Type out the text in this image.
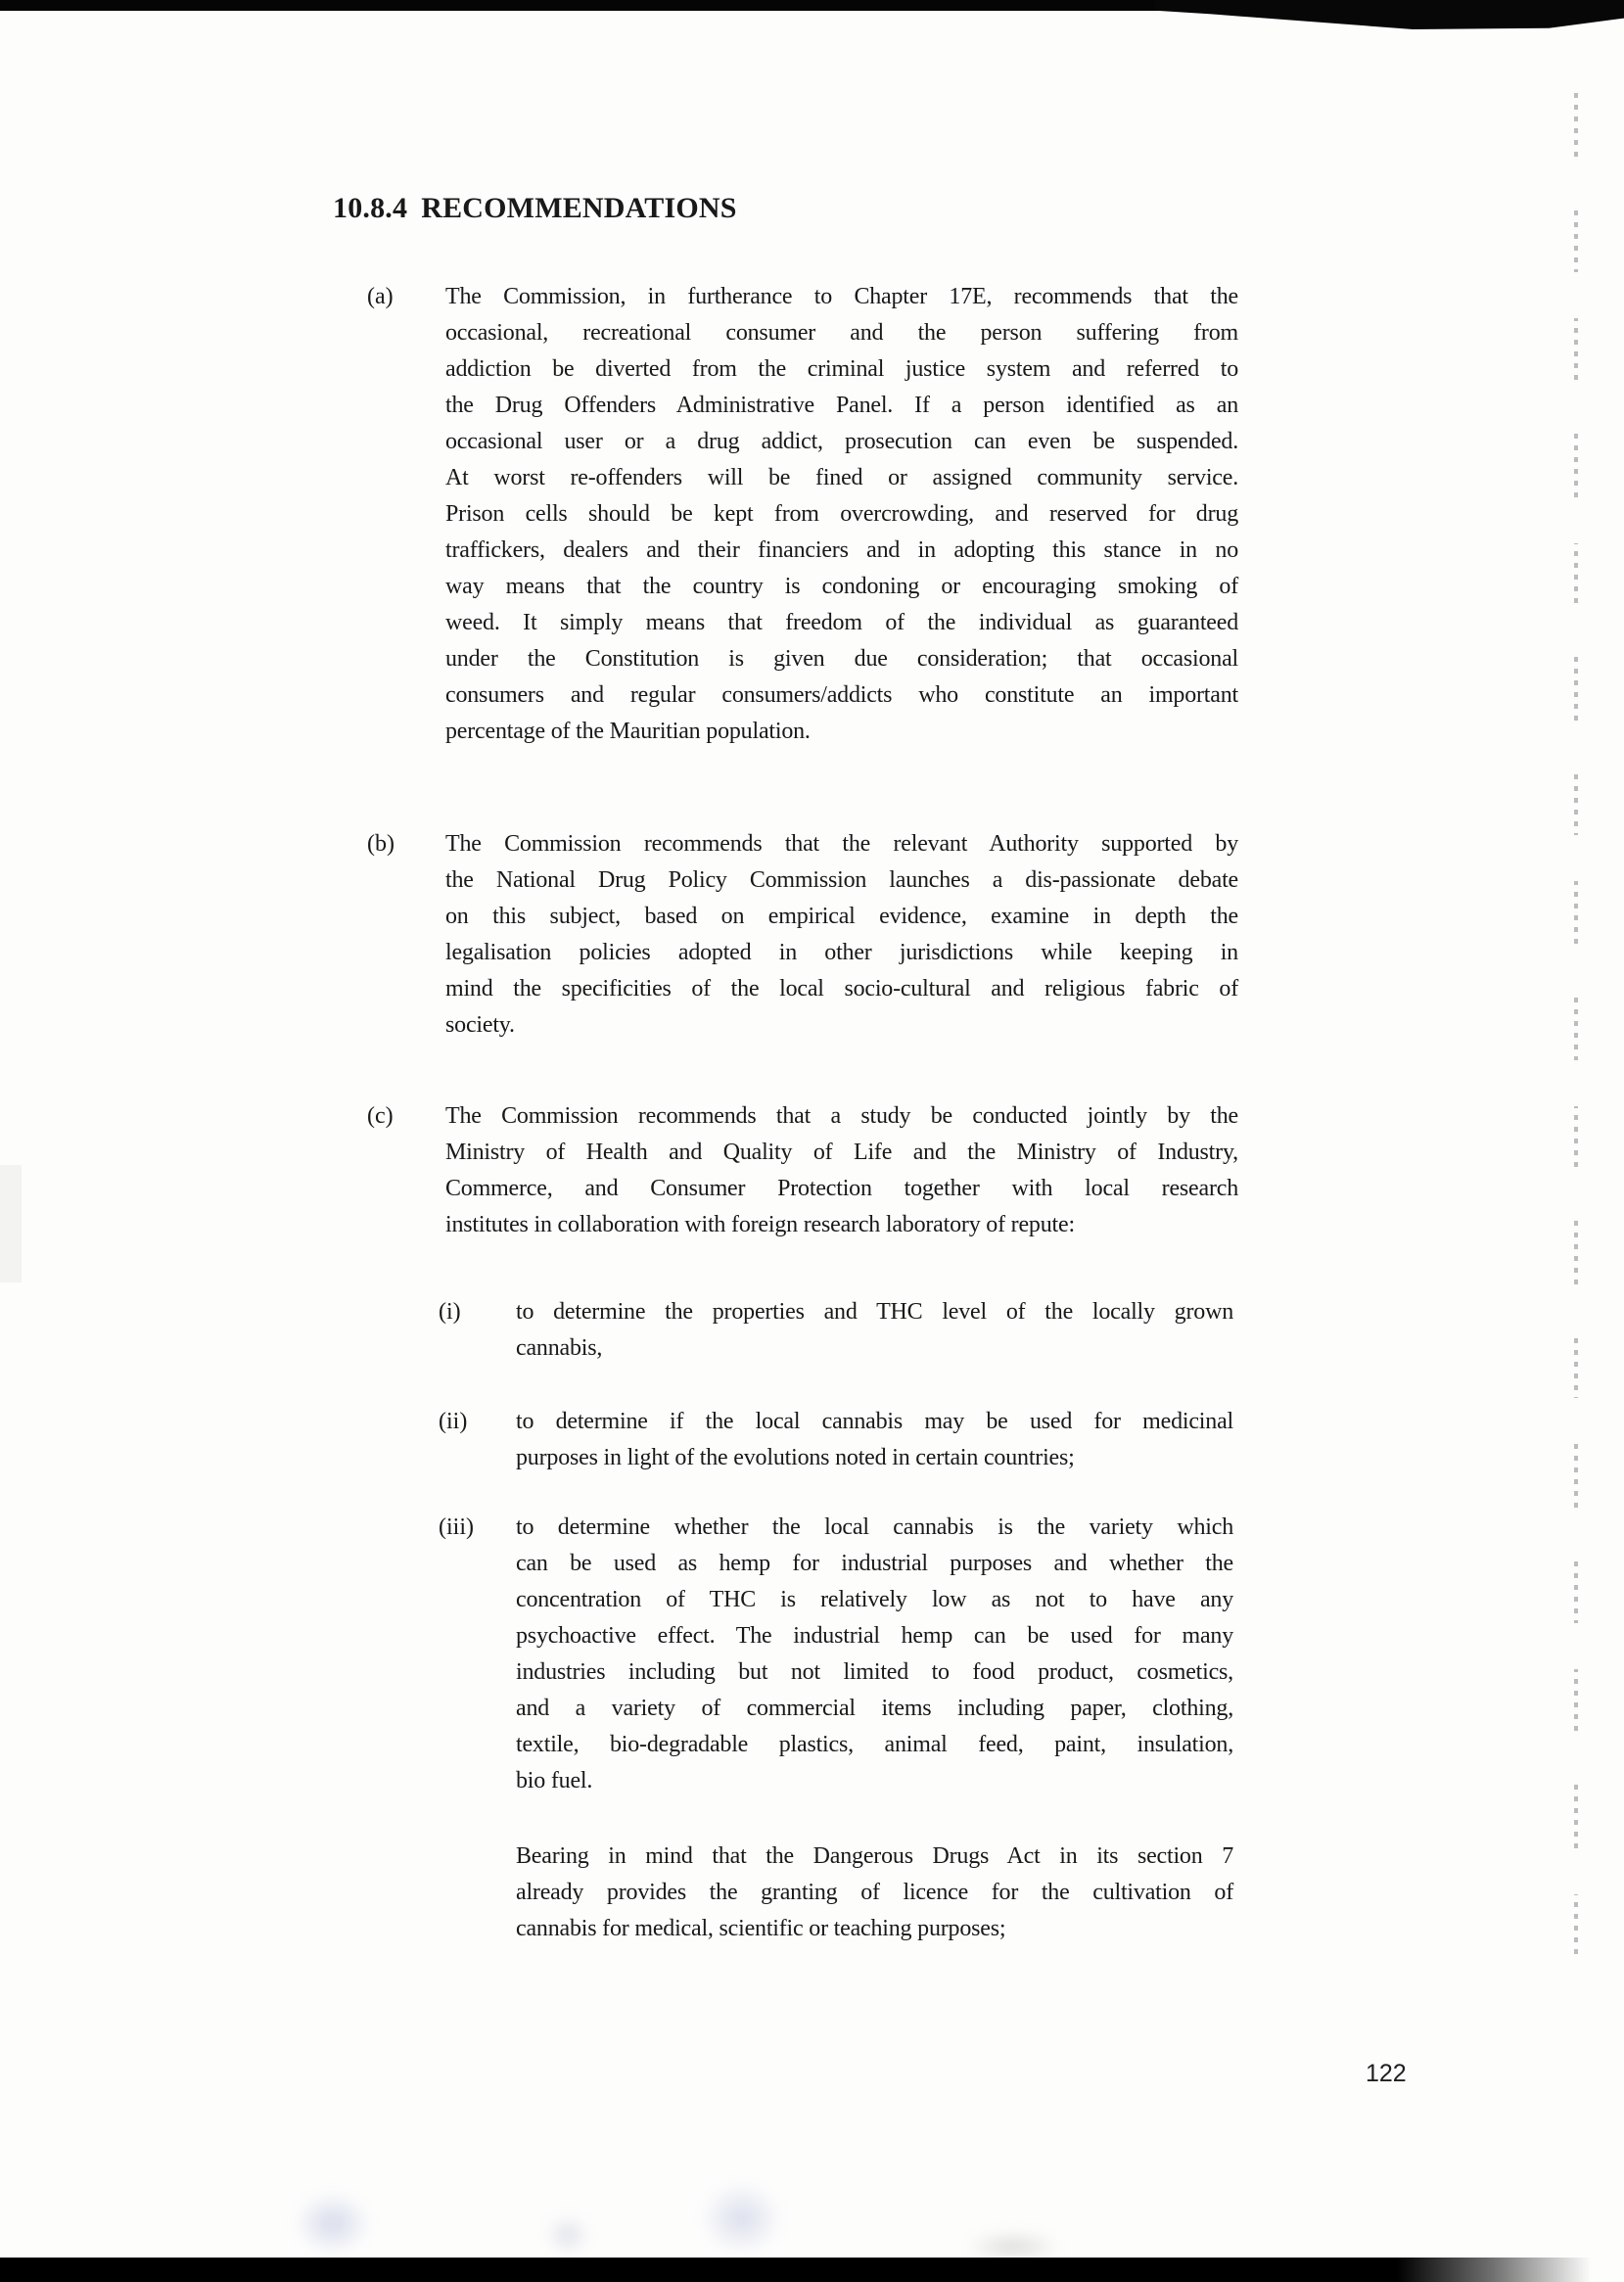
10.8.4 RECOMMENDATIONS
(a) The Commission, in furtherance to Chapter 17E, recommends that the
occasional, recreational consumer and the person suffering from
addiction be diverted from the criminal justice system and referred to
the Drug Offenders Administrative Panel. If a person identified as an
occasional user or a drug addict, prosecution can even be suspended.
At worst re-offenders will be fined or assigned community service.
Prison cells should be kept from overcrowding, and reserved for drug
traffickers, dealers and their financiers and in adopting this stance in no
way means that the country is condoning or encouraging smoking of
weed. It simply means that freedom of the individual as guaranteed
under the Constitution is given due consideration; that occasional
consumers and regular consumers/addicts who constitute an important
percentage of the Mauritian population.
(b) The Commission recommends that the relevant Authority supported by
the National Drug Policy Commission launches a dis-passionate debate
on this subject, based on empirical evidence, examine in depth the
legalisation policies adopted in other jurisdictions while keeping in
mind the specificities of the local socio-cultural and religious fabric of
society.
(c) The Commission recommends that a study be conducted jointly by the
Ministry of Health and Quality of Life and the Ministry of Industry,
Commerce, and Consumer Protection together with local research
institutes in collaboration with foreign research laboratory of repute:
(i) to determine the properties and THC level of the locally grown
cannabis,
(ii) to determine if the local cannabis may be used for medicinal
purposes in light of the evolutions noted in certain countries;
(iii) to determine whether the local cannabis is the variety which
can be used as hemp for industrial purposes and whether the
concentration of THC is relatively low as not to have any
psychoactive effect. The industrial hemp can be used for many
industries including but not limited to food product, cosmetics,
and a variety of commercial items including paper, clothing,
textile, bio-degradable plastics, animal feed, paint, insulation,
bio fuel.
Bearing in mind that the Dangerous Drugs Act in its section 7
already provides the granting of licence for the cultivation of
cannabis for medical, scientific or teaching purposes;
122
